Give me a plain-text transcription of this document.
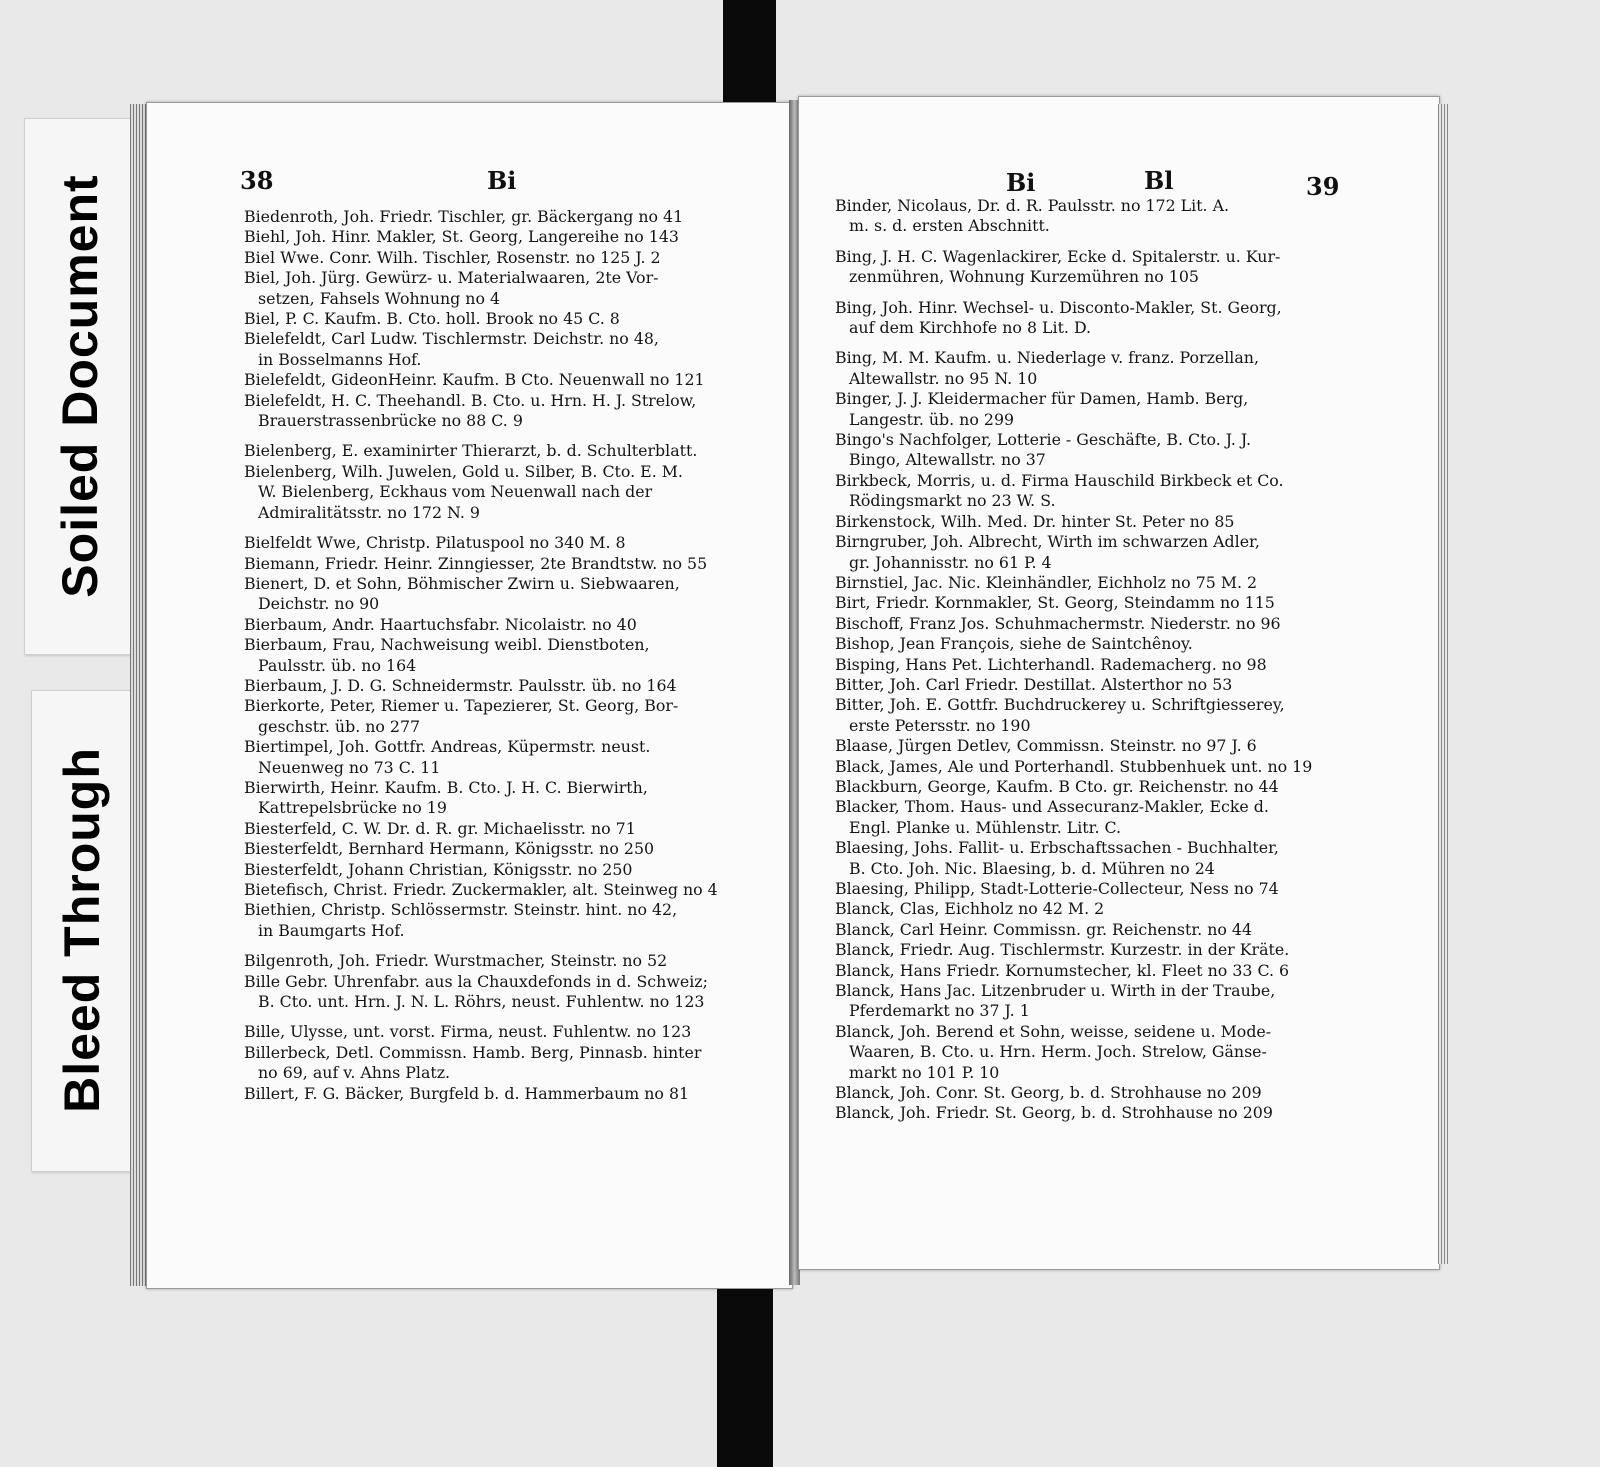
Soiled Document
Bleed Through
38	Bi	Bi	Bl	39
Biedenroth, Joh. Friedr. Tischler, gr. Bäckergang no 41
Biehl, Joh. Hinr. Makler, St. Georg, Langereihe no 143
Biel Wwe. Conr. Wilh. Tischler, Rosenstr. no 125 J. 2
Biel, Joh. Jürg. Gewürz- u. Materialwaaren, 2te Vor-
setzen, Fahsels Wohnung no 4
Biel, P. C. Kaufm. B. Cto. holl. Brook no 45 C. 8
Bielefeldt, Carl Ludw. Tischlermstr. Deichstr. no 48,
in Bosselmanns Hof.
Bielefeldt, GideonHeinr. Kaufm. B Cto. Neuenwall no 121
Bielefeldt, H. C. Theehandl. B. Cto. u. Hrn. H. J. Strelow,
Brauerstrassenbrücke no 88 C. 9
Bielenberg, E. examinirter Thierarzt, b. d. Schulterblatt.
Bielenberg, Wilh. Juwelen, Gold u. Silber, B. Cto. E. M.
W. Bielenberg, Eckhaus vom Neuenwall nach der
Admiralitätsstr. no 172 N. 9
Bielfeldt Wwe, Christp. Pilatuspool no 340 M. 8
Biemann, Friedr. Heinr. Zinngiesser, 2te Brandtstw. no 55
Bienert, D. et Sohn, Böhmischer Zwirn u. Siebwaaren,
Deichstr. no 90
Bierbaum, Andr. Haartuchsfabr. Nicolaistr. no 40
Bierbaum, Frau, Nachweisung weibl. Dienstboten,
Paulsstr. üb. no 164
Bierbaum, J. D. G. Schneidermstr. Paulsstr. üb. no 164
Bierkorte, Peter, Riemer u. Tapezierer, St. Georg, Bor-
geschstr. üb. no 277
Biertimpel, Joh. Gottfr. Andreas, Küpermstr. neust.
Neuenweg no 73 C. 11
Bierwirth, Heinr. Kaufm. B. Cto. J. H. C. Bierwirth,
Kattrepelsbrücke no 19
Biesterfeld, C. W. Dr. d. R. gr. Michaelisstr. no 71
Biesterfeldt, Bernhard Hermann, Königsstr. no 250
Biesterfeldt, Johann Christian, Königsstr. no 250
Bietefisch, Christ. Friedr. Zuckermakler, alt. Steinweg no 4
Biethien, Christp. Schlössermstr. Steinstr. hint. no 42,
in Baumgarts Hof.
Bilgenroth, Joh. Friedr. Wurstmacher, Steinstr. no 52
Bille Gebr. Uhrenfabr. aus la Chauxdefonds in d. Schweiz;
B. Cto. unt. Hrn. J. N. L. Röhrs, neust. Fuhlentw. no 123
Bille, Ulysse, unt. vorst. Firma, neust. Fuhlentw. no 123
Billerbeck, Detl. Commissn. Hamb. Berg, Pinnasb. hinter
no 69, auf v. Ahns Platz.
Billert, F. G. Bäcker, Burgfeld b. d. Hammerbaum no 81
Binder, Nicolaus, Dr. d. R. Paulsstr. no 172 Lit. A.
m. s. d. ersten Abschnitt.
Bing, J. H. C. Wagenlackirer, Ecke d. Spitalerstr. u. Kur-
zenmühren, Wohnung Kurzemühren no 105
Bing, Joh. Hinr. Wechsel- u. Disconto-Makler, St. Georg,
auf dem Kirchhofe no 8 Lit. D.
Bing, M. M. Kaufm. u. Niederlage v. franz. Porzellan,
Altewallstr. no 95 N. 10
Binger, J. J. Kleidermacher für Damen, Hamb. Berg,
Langestr. üb. no 299
Bingo's Nachfolger, Lotterie - Geschäfte, B. Cto. J. J.
Bingo, Altewallstr. no 37
Birkbeck, Morris, u. d. Firma Hauschild Birkbeck et Co.
Rödingsmarkt no 23 W. S.
Birkenstock, Wilh. Med. Dr. hinter St. Peter no 85
Birngruber, Joh. Albrecht, Wirth im schwarzen Adler,
gr. Johannisstr. no 61 P. 4
Birnstiel, Jac. Nic. Kleinhändler, Eichholz no 75 M. 2
Birt, Friedr. Kornmakler, St. Georg, Steindamm no 115
Bischoff, Franz Jos. Schuhmachermstr. Niederstr. no 96
Bishop, Jean François, siehe de Saintchênoy.
Bisping, Hans Pet. Lichterhandl. Rademacherg. no 98
Bitter, Joh. Carl Friedr. Destillat. Alsterthor no 53
Bitter, Joh. E. Gottfr. Buchdruckerey u. Schriftgiesserey,
erste Petersstr. no 190
Blaase, Jürgen Detlev, Commissn. Steinstr. no 97 J. 6
Black, James, Ale und Porterhandl. Stubbenhuek unt. no 19
Blackburn, George, Kaufm. B Cto. gr. Reichenstr. no 44
Blacker, Thom. Haus- und Assecuranz-Makler, Ecke d.
Engl. Planke u. Mühlenstr. Litr. C.
Blaesing, Johs. Fallit- u. Erbschaftssachen - Buchhalter,
B. Cto. Joh. Nic. Blaesing, b. d. Mühren no 24
Blaesing, Philipp, Stadt-Lotterie-Collecteur, Ness no 74
Blanck, Clas, Eichholz no 42 M. 2
Blanck, Carl Heinr. Commissn. gr. Reichenstr. no 44
Blanck, Friedr. Aug. Tischlermstr. Kurzestr. in der Kräte.
Blanck, Hans Friedr. Kornumstecher, kl. Fleet no 33 C. 6
Blanck, Hans Jac. Litzenbruder u. Wirth in der Traube,
Pferdemarkt no 37 J. 1
Blanck, Joh. Berend et Sohn, weisse, seidene u. Mode-
Waaren, B. Cto. u. Hrn. Herm. Joch. Strelow, Gänse-
markt no 101 P. 10
Blanck, Joh. Conr. St. Georg, b. d. Strohhause no 209
Blanck, Joh. Friedr. St. Georg, b. d. Strohhause no 209
